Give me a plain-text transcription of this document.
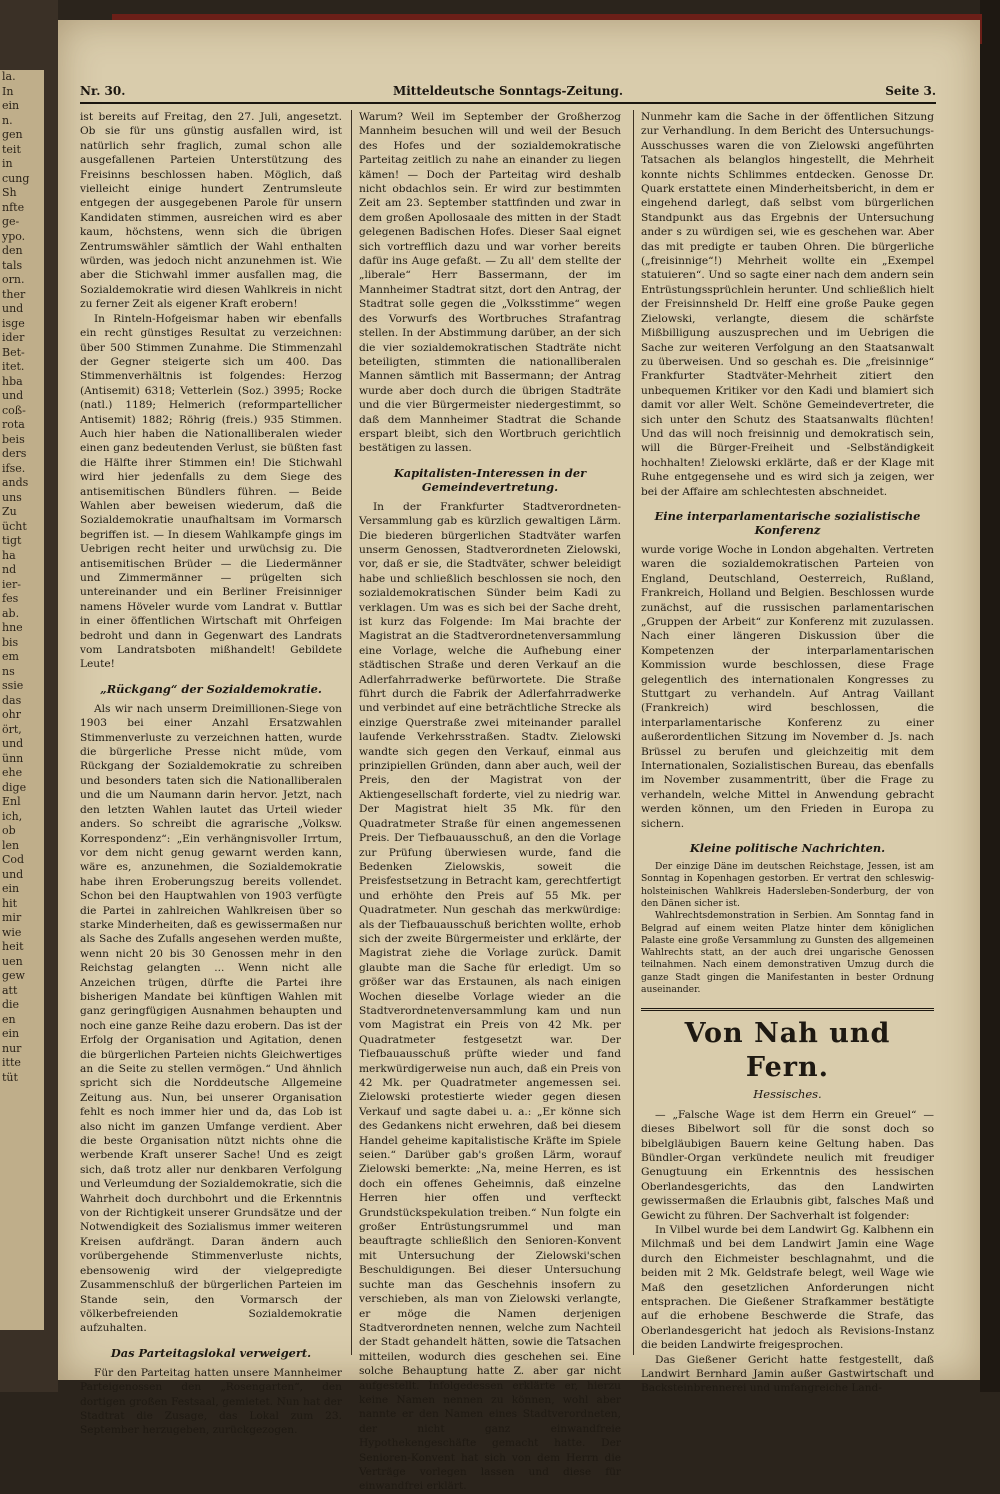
la.
In
ein
n.
gen
teit
in
cung
Sh
nfte
ge-
ypo.
den
tals
orn.
ther
und
isge
ider
Bet-
itet.
hba
und
coß-
rota
beis
ders
ifse.
ands
uns
Zu
ücht
tigt
ha
nd
ier-
fes
ab.
hne
bis
em
ns
ssie
das
ohr
ört,
und
ünn
ehe
dige
Enl
ich,
ob
len
Cod
und
ein
hit
mir
wie
heit
uen
gew
att
die
en
ein
nur
itte
tüt
Nr. 30.	Mitteldeutsche Sonntags-Zeitung.	Seite 3.

ist bereits auf Freitag, den 27. Juli, angesetzt. Ob sie für uns günstig ausfallen wird, ist natürlich sehr fraglich, zumal schon alle ausgefallenen Parteien Unterstützung des Freisinns beschlossen haben. Möglich, daß vielleicht einige hundert Zentrumsleute entgegen der ausgegebenen Parole für unsern Kandidaten stimmen, ausreichen wird es aber kaum, höchstens, wenn sich die übrigen Zentrumswähler sämtlich der Wahl enthalten würden, was jedoch nicht anzunehmen ist. Wie aber die Stichwahl immer ausfallen mag, die Sozialdemokratie wird diesen Wahlkreis in nicht zu ferner Zeit als eigener Kraft erobern!

In Rinteln-Hofgeismar haben wir ebenfalls ein recht günstiges Resultat zu verzeichnen: über 500 Stimmen Zunahme. Die Stimmenzahl der Gegner steigerte sich um 400. Das Stimmenverhältnis ist folgendes: Herzog (Antisemit) 6318; Vetterlein (Soz.) 3995; Rocke (natl.) 1189; Helmerich (reformpartellicher Antisemit) 1882; Röhrig (freis.) 935 Stimmen. Auch hier haben die Nationalliberalen wieder einen ganz bedeutenden Verlust, sie büßten fast die Hälfte ihrer Stimmen ein! Die Stichwahl wird hier jedenfalls zu dem Siege des antisemitischen Bündlers führen. — Beide Wahlen aber beweisen wiederum, daß die Sozialdemokratie unaufhaltsam im Vormarsch begriffen ist. — In diesem Wahlkampfe gings im Uebrigen recht heiter und urwüchsig zu. Die antisemitischen Brüder — die Liedermänner und Zimmermänner — prügelten sich untereinander und ein Berliner Freisinniger namens Höveler wurde vom Landrat v. Buttlar in einer öffentlichen Wirtschaft mit Ohrfeigen bedroht und dann in Gegenwart des Landrats vom Landratsboten mißhandelt! Gebildete Leute!

„Rückgang“ der Sozialdemokratie.

Als wir nach unserm Dreimillionen-Siege von 1903 bei einer Anzahl Ersatzwahlen Stimmenverluste zu verzeichnen hatten, wurde die bürgerliche Presse nicht müde, vom Rückgang der Sozialdemokratie zu schreiben und besonders taten sich die Nationalliberalen und die um Naumann darin hervor. Jetzt, nach den letzten Wahlen lautet das Urteil wieder anders. So schreibt die agrarische „Volksw. Korrespondenz“: „Ein verhängnisvoller Irrtum, vor dem nicht genug gewarnt werden kann, wäre es, anzunehmen, die Sozialdemokratie habe ihren Eroberungszug bereits vollendet. Schon bei den Hauptwahlen von 1903 verfügte die Partei in zahlreichen Wahlkreisen über so starke Minderheiten, daß es gewissermaßen nur als Sache des Zufalls angesehen werden mußte, wenn nicht 20 bis 30 Genossen mehr in den Reichstag gelangten ... Wenn nicht alle Anzeichen trügen, dürfte die Partei ihre bisherigen Mandate bei künftigen Wahlen mit ganz geringfügigen Ausnahmen behaupten und noch eine ganze Reihe dazu erobern. Das ist der Erfolg der Organisation und Agitation, denen die bürgerlichen Parteien nichts Gleichwertiges an die Seite zu stellen vermögen.“ Und ähnlich spricht sich die Norddeutsche Allgemeine Zeitung aus. Nun, bei unserer Organisation fehlt es noch immer hier und da, das Lob ist also nicht im ganzen Umfange verdient. Aber die beste Organisation nützt nichts ohne die werbende Kraft unserer Sache! Und es zeigt sich, daß trotz aller nur denkbaren Verfolgung und Verleumdung der Sozialdemokratie, sich die Wahrheit doch durchbohrt und die Erkenntnis von der Richtigkeit unserer Grundsätze und der Notwendigkeit des Sozialismus immer weiteren Kreisen aufdrängt. Daran ändern auch vorübergehende Stimmenverluste nichts, ebensowenig wird der vielgepredigte Zusammenschluß der bürgerlichen Parteien im Stande sein, den Vormarsch der völkerbefreienden Sozialdemokratie aufzuhalten.

Das Parteitagslokal verweigert.

Für den Parteitag hatten unsere Mannheimer Parteigenossen den „Rosengarten“, den dortigen großen Festsaal, gemietet. Nun hat der Stadtrat die Zusage, das Lokal zum 23. September herzugeben, zurückgezogen.

Warum? Weil im September der Großherzog Mannheim besuchen will und weil der Besuch des Hofes und der sozialdemokratische Parteitag zeitlich zu nahe an einander zu liegen kämen! — Doch der Parteitag wird deshalb nicht obdachlos sein. Er wird zur bestimmten Zeit am 23. September stattfinden und zwar in dem großen Apollosaale des mitten in der Stadt gelegenen Badischen Hofes. Dieser Saal eignet sich vortrefflich dazu und war vorher bereits dafür ins Auge gefaßt. — Zu all' dem stellte der „liberale“ Herr Bassermann, der im Mannheimer Stadtrat sitzt, dort den Antrag, der Stadtrat solle gegen die „Volksstimme“ wegen des Vorwurfs des Wortbruches Strafantrag stellen. In der Abstimmung darüber, an der sich die vier sozialdemokratischen Stadträte nicht beteiligten, stimmten die nationalliberalen Mannen sämtlich mit Bassermann; der Antrag wurde aber doch durch die übrigen Stadträte und die vier Bürgermeister niedergestimmt, so daß dem Mannheimer Stadtrat die Schande erspart bleibt, sich den Wortbruch gerichtlich bestätigen zu lassen.

Kapitalisten-Interessen in der Gemeindevertretung.

In der Frankfurter Stadtverordneten-Versammlung gab es kürzlich gewaltigen Lärm. Die biederen bürgerlichen Stadtväter warfen unserm Genossen, Stadtverordneten Zielowski, vor, daß er sie, die Stadtväter, schwer beleidigt habe und schließlich beschlossen sie noch, den sozialdemokratischen Sünder beim Kadi zu verklagen. Um was es sich bei der Sache dreht, ist kurz das Folgende: Im Mai brachte der Magistrat an die Stadtverordnetenversammlung eine Vorlage, welche die Aufhebung einer städtischen Straße und deren Verkauf an die Adlerfahrradwerke befürwortete. Die Straße führt durch die Fabrik der Adlerfahrradwerke und verbindet auf eine beträchtliche Strecke als einzige Querstraße zwei miteinander parallel laufende Verkehrsstraßen. Stadtv. Zielowski wandte sich gegen den Verkauf, einmal aus prinzipiellen Gründen, dann aber auch, weil der Preis, den der Magistrat von der Aktiengesellschaft forderte, viel zu niedrig war. Der Magistrat hielt 35 Mk. für den Quadratmeter Straße für einen angemessenen Preis. Der Tiefbauausschuß, an den die Vorlage zur Prüfung überwiesen wurde, fand die Bedenken Zielowskis, soweit die Preisfestsetzung in Betracht kam, gerechtfertigt und erhöhte den Preis auf 55 Mk. per Quadratmeter. Nun geschah das merkwürdige: als der Tiefbauausschuß berichten wollte, erhob sich der zweite Bürgermeister und erklärte, der Magistrat ziehe die Vorlage zurück. Damit glaubte man die Sache für erledigt. Um so größer war das Erstaunen, als nach einigen Wochen dieselbe Vorlage wieder an die Stadtverordnetenversammlung kam und nun vom Magistrat ein Preis von 42 Mk. per Quadratmeter festgesetzt war. Der Tiefbauausschuß prüfte wieder und fand merkwürdigerweise nun auch, daß ein Preis von 42 Mk. per Quadratmeter angemessen sei. Zielowski protestierte wieder gegen diesen Verkauf und sagte dabei u. a.: „Er könne sich des Gedankens nicht erwehren, daß bei diesem Handel geheime kapitalistische Kräfte im Spiele seien.“ Darüber gab's großen Lärm, worauf Zielowski bemerkte: „Na, meine Herren, es ist doch ein offenes Geheimnis, daß einzelne Herren hier offen und verfteckt Grundstückspekulation treiben.“ Nun folgte ein großer Entrüstungsrummel und man beauftragte schließlich den Senioren-Konvent mit Untersuchung der Zielowski'schen Beschuldigungen. Bei dieser Untersuchung suchte man das Geschehnis insofern zu verschieben, als man von Zielowski verlangte, er möge die Namen derjenigen Stadtverordneten nennen, welche zum Nachteil der Stadt gehandelt hätten, sowie die Tatsachen mitteilen, wodurch dies geschehen sei. Eine solche Behauptung hatte Z. aber gar nicht aufgestellt. Infolgedessen erklärte er, hierzu keine Namen nennen zu können, wohl aber nannte er den Namen eines Stadtverordneten, der nicht ganz einwandfreie Hypothekengeschäfte gemacht hatte. Der Senioren-Konvent hat sich von dem Herrn die Verträge vorlegen lassen und diese für einwandfrei erklärt.

Nunmehr kam die Sache in der öffentlichen Sitzung zur Verhandlung. In dem Bericht des Untersuchungs-Ausschusses waren die von Zielowski angeführten Tatsachen als belanglos hingestellt, die Mehrheit konnte nichts Schlimmes entdecken. Genosse Dr. Quark erstattete einen Minderheitsbericht, in dem er eingehend darlegt, daß selbst vom bürgerlichen Standpunkt aus das Ergebnis der Untersuchung ander s zu würdigen sei, wie es geschehen war. Aber das mit predigte er tauben Ohren. Die bürgerliche („freisinnige“!) Mehrheit wollte ein „Exempel statuieren“. Und so sagte einer nach dem andern sein Entrüstungssprüchlein herunter. Und schließlich hielt der Freisinnsheld Dr. Helff eine große Pauke gegen Zielowski, verlangte, diesem die schärfste Mißbilligung auszusprechen und im Uebrigen die Sache zur weiteren Verfolgung an den Staatsanwalt zu überweisen. Und so geschah es. Die „freisinnige“ Frankfurter Stadtväter-Mehrheit zitiert den unbequemen Kritiker vor den Kadi und blamiert sich damit vor aller Welt. Schöne Gemeindevertreter, die sich unter den Schutz des Staatsanwalts flüchten! Und das will noch freisinnig und demokratisch sein, will die Bürger-Freiheit und -Selbständigkeit hochhalten! Zielowski erklärte, daß er der Klage mit Ruhe entgegensehe und es wird sich ja zeigen, wer bei der Affaire am schlechtesten abschneidet.

Eine interparlamentarische sozialistische Konferenz

wurde vorige Woche in London abgehalten. Vertreten waren die sozialdemokratischen Parteien von England, Deutschland, Oesterreich, Rußland, Frankreich, Holland und Belgien. Beschlossen wurde zunächst, auf die russischen parlamentarischen „Gruppen der Arbeit“ zur Konferenz mit zuzulassen. Nach einer längeren Diskussion über die Kompetenzen der interparlamentarischen Kommission wurde beschlossen, diese Frage gelegentlich des internationalen Kongresses zu Stuttgart zu verhandeln. Auf Antrag Vaillant (Frankreich) wird beschlossen, die interparlamentarische Konferenz zu einer außerordentlichen Sitzung im November d. Js. nach Brüssel zu berufen und gleichzeitig mit dem Internationalen, Sozialistischen Bureau, das ebenfalls im November zusammentritt, über die Frage zu verhandeln, welche Mittel in Anwendung gebracht werden können, um den Frieden in Europa zu sichern.

Kleine politische Nachrichten.

Der einzige Däne im deutschen Reichstage, Jessen, ist am Sonntag in Kopenhagen gestorben. Er vertrat den schleswig-holsteinischen Wahlkreis Hadersleben-Sonderburg, der von den Dänen sicher ist.

Wahlrechtsdemonstration in Serbien. Am Sonntag fand in Belgrad auf einem weiten Platze hinter dem königlichen Palaste eine große Versammlung zu Gunsten des allgemeinen Wahlrechts statt, an der auch drei ungarische Genossen teilnahmen. Nach einem demonstrativen Umzug durch die ganze Stadt gingen die Manifestanten in bester Ordnung auseinander.

Von Nah und Fern.
Hessisches.

— „Falsche Wage ist dem Herrn ein Greuel“ — dieses Bibelwort soll für die sonst doch so bibelgläubigen Bauern keine Geltung haben. Das Bündler-Organ verkündete neulich mit freudiger Genugtuung ein Erkenntnis des hessischen Oberlandesgerichts, das den Landwirten gewissermaßen die Erlaubnis gibt, falsches Maß und Gewicht zu führen. Der Sachverhalt ist folgender:

In Vilbel wurde bei dem Landwirt Gg. Kalbhenn ein Milchmaß und bei dem Landwirt Jamin eine Wage durch den Eichmeister beschlagnahmt, und die beiden mit 2 Mk. Geldstrafe belegt, weil Wage wie Maß den gesetzlichen Anforderungen nicht entsprachen. Die Gießener Strafkammer bestätigte auf die erhobene Beschwerde die Strafe, das Oberlandesgericht hat jedoch als Revisions-Instanz die beiden Landwirte freigesprochen.

Das Gießener Gericht hatte festgestellt, daß Landwirt Bernhard Jamin außer Gastwirtschaft und Backsteinbrennerei und umfangreiche Land-
